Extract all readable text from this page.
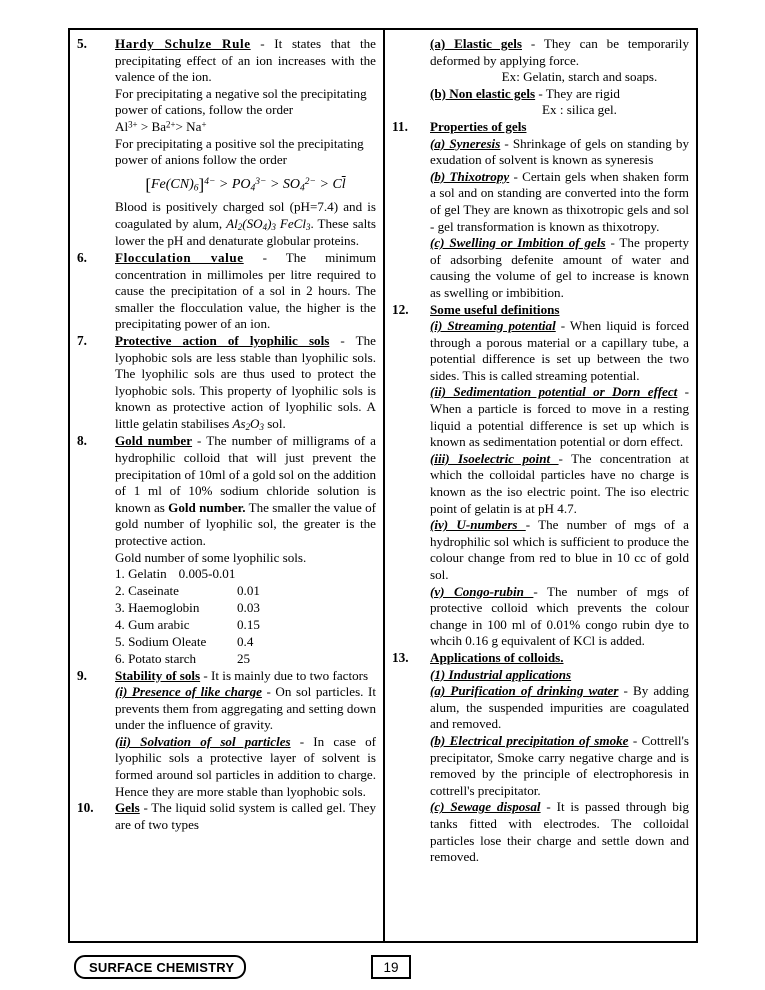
5.	Hardy Schulze Rule - It states that the precipitating effect of an ion increases with the valence of the ion.

For precipitating a negative sol the precipitating power of cations, follow the order

$Al^{3+} > Ba^{2+}> Na^+$

For precipitating a positive sol the precipitating power of anions follow the order

$[Fe(CN)_6]^{4-} > PO_4^{3-} > SO_4^{2-} > C\overline{l}$

Blood is positively charged sol (pH=7.4) and is coagulated by alum, $Al_2(SO_4)_3$ FeCl$_3$. These salts lower the pH and denaturate globular proteins.

6.	Flocculation value - The minimum concentration in millimoles per litre required to cause the precipitation of a sol in 2 hours. The smaller the flocculation value, the higher is the precipitating power of an ion.

7.	Protective action of lyophilic sols - The lyophobic sols are less stable than lyophilic sols. The lyophilic sols are thus used to protect the lyophobic sols. This property of lyophilic sols is known as protective action of lyophilic sols. A little gelatin stabilises $As_2O_3$ sol.

8.	Gold number - The number of milligrams of a hydrophilic colloid that will just prevent the precipitation of 10ml of a gold sol on the addition of 1 ml of 10% sodium chloride solution is known as Gold number. The smaller the value of gold number of lyophilic sol, the greater is the protective action.

Gold number of some lyophilic sols.

1. Gelatin 0.005-0.01
2. Caseinate	0.01
3. Haemoglobin	0.03
4. Gum arabic	0.15
5. Sodium Oleate	0.4
6. Potato starch	25
9.	Stability of sols - It is mainly due to two factors

(i) Presence of like charge - On sol particles. It prevents them from aggregating and setting down under the influence of gravity.

(ii) Solvation of sol particles - In case of lyophilic sols a protective layer of solvent is formed around sol particles in addition to charge. Hence they are more stable than lyophobic sols.

10.	Gels - The liquid solid system is called gel. They are of two types

(a) Elastic gels - They can be temporarily deformed by applying force.

Ex: Gelatin, starch and soaps.

(b) Non elastic gels - They are rigid

Ex : silica gel.

11.	Properties of gels

(a) Syneresis - Shrinkage of gels on standing by exudation of solvent is known as syneresis

(b) Thixotropy - Certain gels when shaken form a sol and on standing are converted into the form of gel They are known as thixotropic gels and sol - gel transformation is known as thixotropy.

(c) Swelling or Imbition of gels - The property of adsorbing defenite amount of water and causing the volume of gel to increase is known as swelling or imbibition.

12.	Some useful definitions

(i) Streaming potential - When liquid is forced through a porous material or a capillary tube, a potential difference is set up between the two sides. This is called streaming potential.

(ii) Sedimentation potential or Dorn effect - When a particle is forced to move in a resting liquid a potential difference is set up which is known as sedimentation potential or dorn effect.

(iii) Isoelectric point - The concentration at which the colloidal particles have no charge is known as the iso electric point. The iso electric point of gelatin is at pH 4.7.

(iv) U-numbers - The number of mgs of a hydrophilic sol which is sufficient to produce the colour change from red to blue in 10 cc of gold sol.

(v) Congo-rubin - The number of mgs of protective colloid which prevents the colour change in 100 ml of 0.01% congo rubin dye to whcih 0.16 g equivalent of KCl is added.

13.	Applications of colloids.

(1) Industrial applications

(a) Purification of drinking water - By adding alum, the suspended impurities are coagulated and removed.

(b) Electrical precipitation of smoke - Cottrell's precipitator, Smoke carry negative charge and is removed by the principle of electrophoresis in cottrell's precipitator.

(c) Sewage disposal - It is passed through big tanks fitted with electrodes. The colloidal particles lose their charge and settle down and removed.

SURFACE CHEMISTRY	19
